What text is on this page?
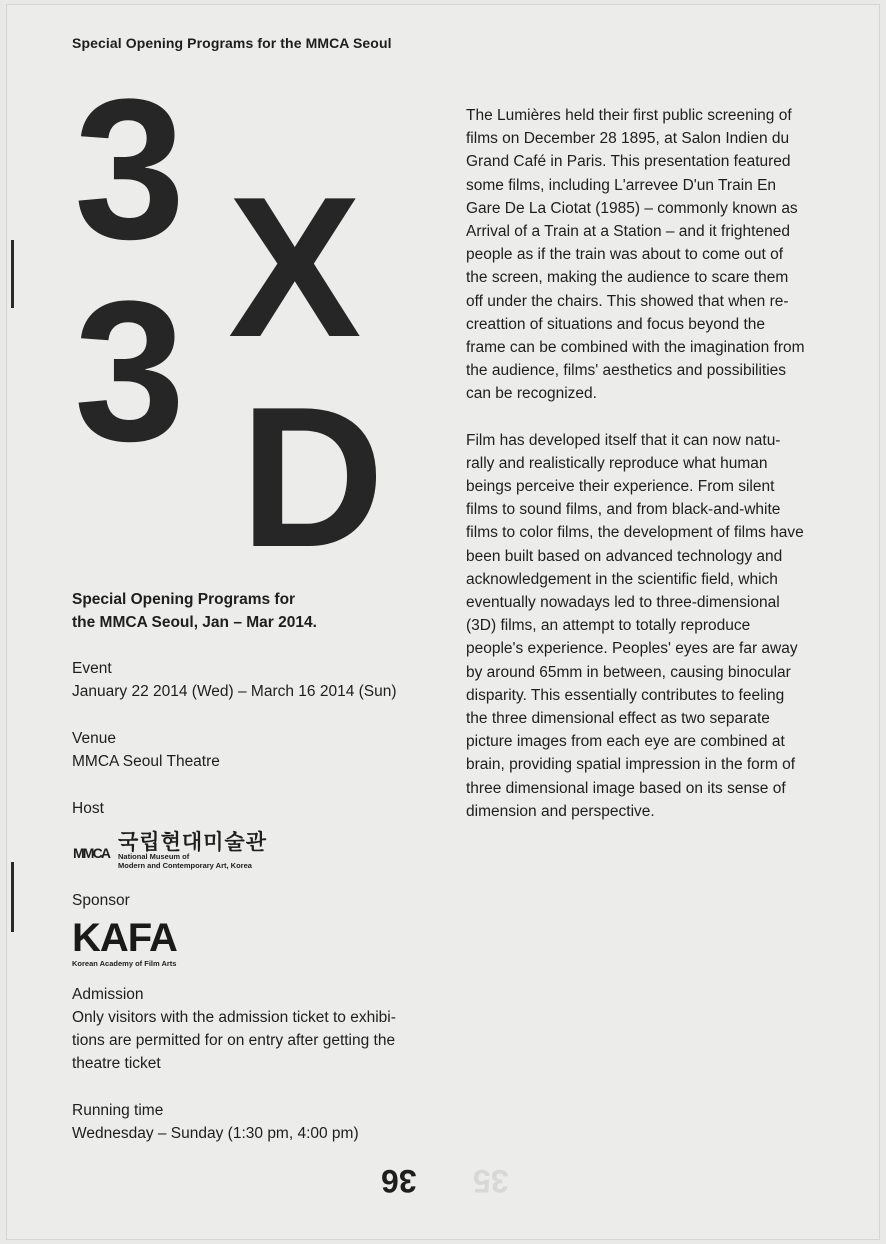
Special Opening Programs for the MMCA Seoul
3 X
3 D
Special Opening Programs for
the MMCA Seoul, Jan – Mar 2014.
Event
January 22 2014 (Wed) – March 16 2014 (Sun)
Venue
MMCA Seoul Theatre
Host
MMCA 국립현대미술관
National Museum of
Modern and Contemporary Art, Korea
Sponsor
KAFA
Korean Academy of Film Arts
Admission
Only visitors with the admission ticket to exhibi-
tions are permitted for on entry after getting the
theatre ticket
Running time
Wednesday – Sunday (1:30 pm, 4:00 pm)

The Lumières held their first public screening of
films on December 28 1895, at Salon Indien du
Grand Café in Paris. This presentation featured
some films, including L'arrevee D'un Train En
Gare De La Ciotat (1985) – commonly known as
Arrival of a Train at a Station – and it frightened
people as if the train was about to come out of
the screen, making the audience to scare them
off under the chairs. This showed that when re-
creattion of situations and focus beyond the
frame can be combined with the imagination from
the audience, films' aesthetics and possibilities
can be recognized.

Film has developed itself that it can now natu-
rally and realistically reproduce what human
beings perceive their experience. From silent
films to sound films, and from black-and-white
films to color films, the development of films have
been built based on advanced technology and
acknowledgement in the scientific field, which
eventually nowadays led to three-dimensional
(3D) films, an attempt to totally reproduce
people's experience. Peoples' eyes are far away
by around 65mm in between, causing binocular
disparity. This essentially contributes to feeling
the three dimensional effect as two separate
picture images from each eye are combined at
brain, providing spatial impression in the form of
three dimensional image based on its sense of
dimension and perspective.

36 35
